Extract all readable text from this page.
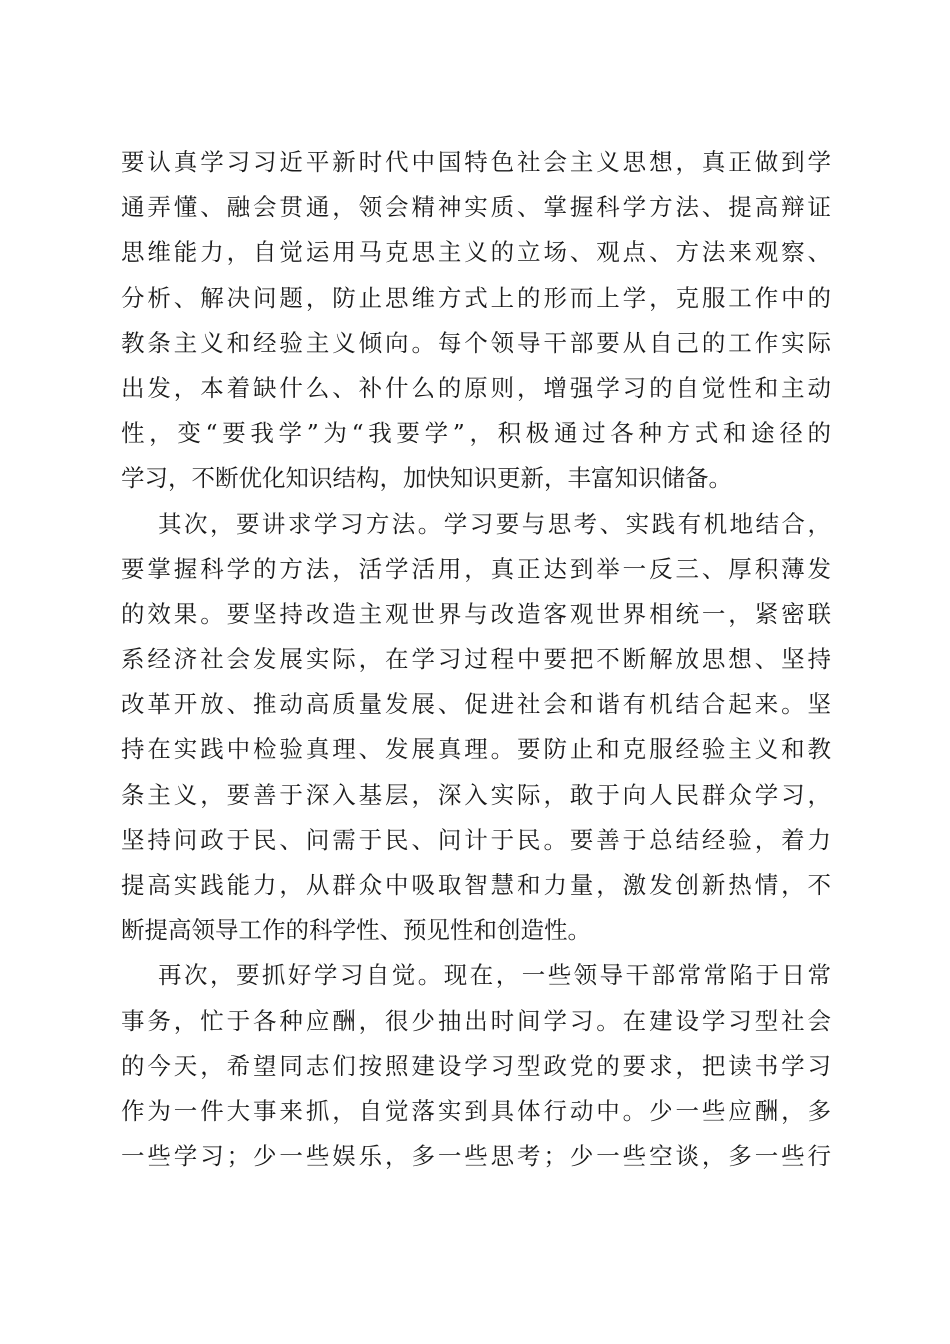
要认真学习习近平新时代中国特色社会主义思想，真正做到学
通弄懂、融会贯通，领会精神实质、掌握科学方法、提高辩证
思维能力，自觉运用马克思主义的立场、观点、方法来观察、
分析、解决问题，防止思维方式上的形而上学，克服工作中的
教条主义和经验主义倾向。每个领导干部要从自己的工作实际
出发，本着缺什么、补什么的原则，增强学习的自觉性和主动
性，变“要我学”为“我要学”，积极通过各种方式和途径的
学习，不断优化知识结构，加快知识更新，丰富知识储备。
其次，要讲求学习方法。学习要与思考、实践有机地结合，
要掌握科学的方法，活学活用，真正达到举一反三、厚积薄发
的效果。要坚持改造主观世界与改造客观世界相统一，紧密联
系经济社会发展实际，在学习过程中要把不断解放思想、坚持
改革开放、推动高质量发展、促进社会和谐有机结合起来。坚
持在实践中检验真理、发展真理。要防止和克服经验主义和教
条主义，要善于深入基层，深入实际，敢于向人民群众学习，
坚持问政于民、问需于民、问计于民。要善于总结经验，着力
提高实践能力，从群众中吸取智慧和力量，激发创新热情，不
断提高领导工作的科学性、预见性和创造性。
再次，要抓好学习自觉。现在，一些领导干部常常陷于日常
事务，忙于各种应酬，很少抽出时间学习。在建设学习型社会
的今天，希望同志们按照建设学习型政党的要求，把读书学习
作为一件大事来抓，自觉落实到具体行动中。少一些应酬，多
一些学习；少一些娱乐，多一些思考；少一些空谈，多一些行
